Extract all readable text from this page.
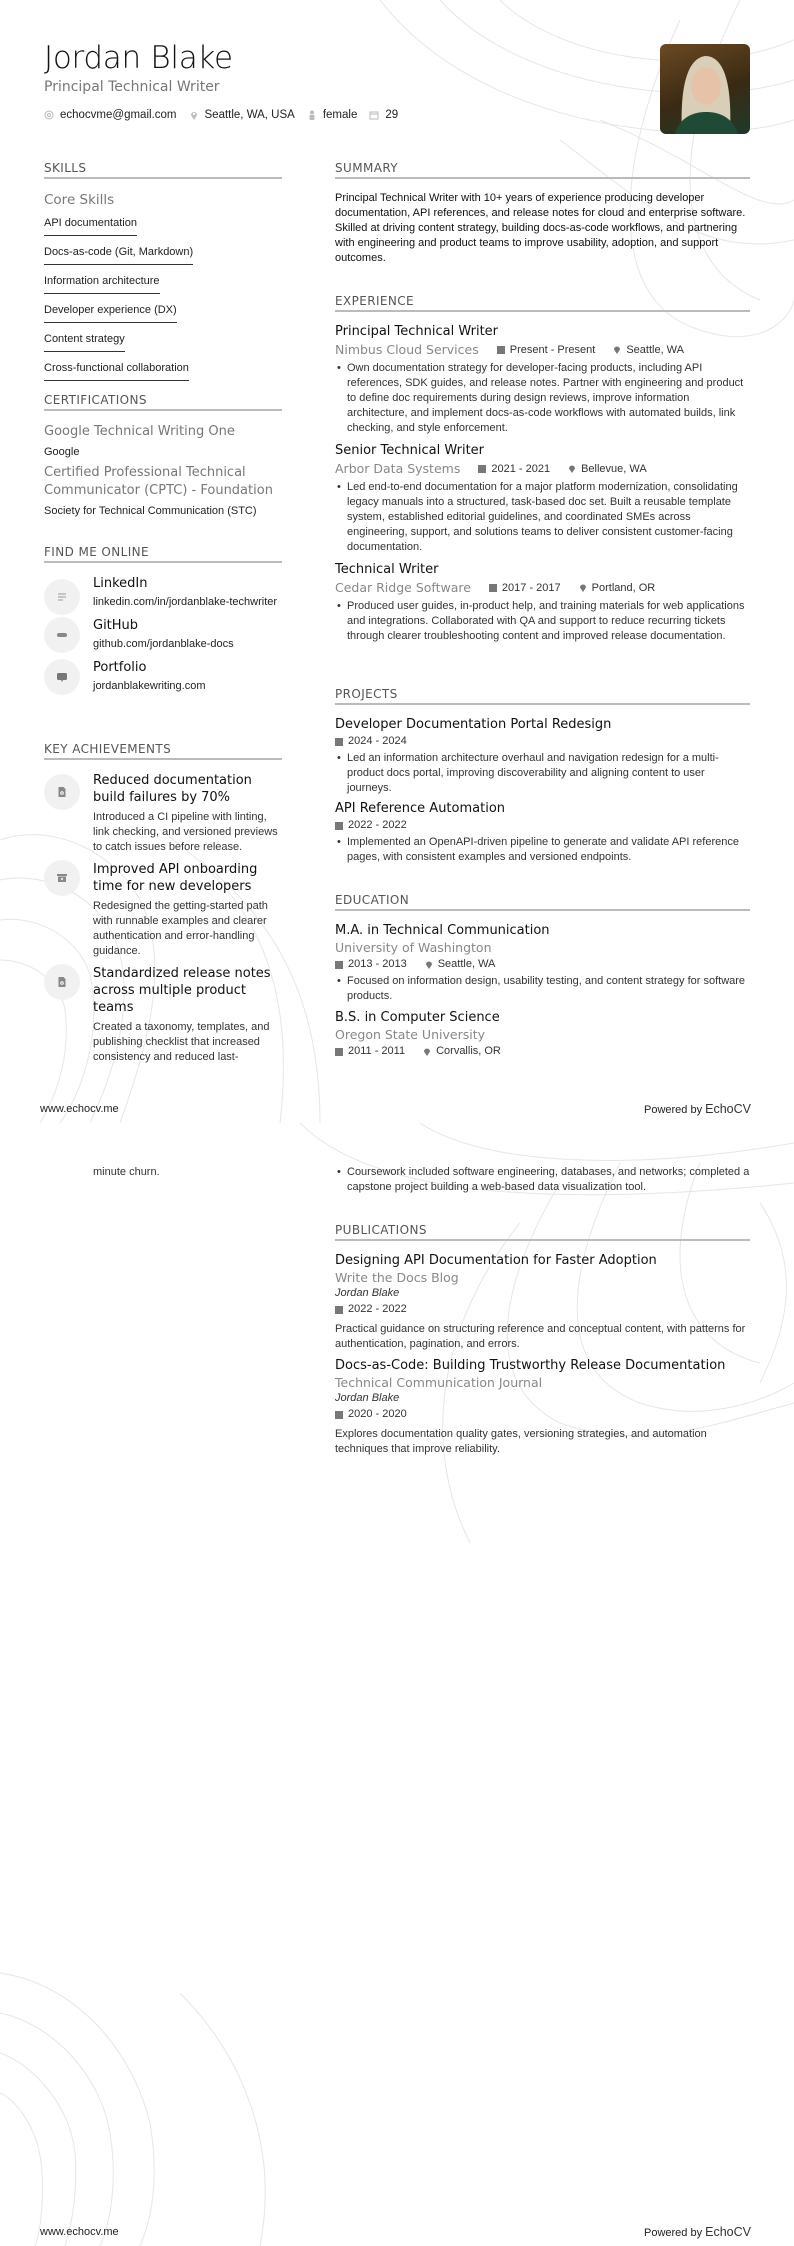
Jordan Blake
Principal Technical Writer
echocvme@gmail.com Seattle, WA, USA female 29
SKILLS
Core Skills
API documentation
Docs-as-code (Git, Markdown)
Information architecture
Developer experience (DX)
Content strategy
Cross-functional collaboration
CERTIFICATIONS
Google Technical Writing One
Google
Certified Professional Technical Communicator (CPTC) - Foundation
Society for Technical Communication (STC)
FIND ME ONLINE
LinkedIn
linkedin.com/in/jordanblake-techwriter
GitHub
github.com/jordanblake-docs
Portfolio
jordanblakewriting.com
KEY ACHIEVEMENTS
Reduced documentation build failures by 70%
Introduced a CI pipeline with linting, link checking, and versioned previews to catch issues before release.
Improved API onboarding time for new developers
Redesigned the getting-started path with runnable examples and clearer authentication and error-handling guidance.
Standardized release notes across multiple product teams
Created a taxonomy, templates, and publishing checklist that increased consistency and reduced last-
SUMMARY
Principal Technical Writer with 10+ years of experience producing developer documentation, API references, and release notes for cloud and enterprise software. Skilled at driving content strategy, building docs-as-code workflows, and partnering with engineering and product teams to improve usability, adoption, and support outcomes.
EXPERIENCE
Principal Technical Writer
Nimbus Cloud Services	Present - Present	Seattle, WA
• Own documentation strategy for developer-facing products, including API references, SDK guides, and release notes. Partner with engineering and product to define doc requirements during design reviews, improve information architecture, and implement docs-as-code workflows with automated builds, link checking, and style enforcement.
Senior Technical Writer
Arbor Data Systems	2021 - 2021	Bellevue, WA
• Led end-to-end documentation for a major platform modernization, consolidating legacy manuals into a structured, task-based doc set. Built a reusable template system, established editorial guidelines, and coordinated SMEs across engineering, support, and solutions teams to deliver consistent customer-facing documentation.
Technical Writer
Cedar Ridge Software	2017 - 2017	Portland, OR
• Produced user guides, in-product help, and training materials for web applications and integrations. Collaborated with QA and support to reduce recurring tickets through clearer troubleshooting content and improved release documentation.
PROJECTS
Developer Documentation Portal Redesign
2024 - 2024
• Led an information architecture overhaul and navigation redesign for a multi-product docs portal, improving discoverability and aligning content to user journeys.
API Reference Automation
2022 - 2022
• Implemented an OpenAPI-driven pipeline to generate and validate API reference pages, with consistent examples and versioned endpoints.
EDUCATION
M.A. in Technical Communication
University of Washington
2013 - 2013	Seattle, WA
• Focused on information design, usability testing, and content strategy for software products.
B.S. in Computer Science
Oregon State University
2011 - 2011	Corvallis, OR
www.echocv.me	Powered by EchoCV
minute churn.	• Coursework included software engineering, databases, and networks; completed a capstone project building a web-based data visualization tool.
PUBLICATIONS
Designing API Documentation for Faster Adoption
Write the Docs Blog
Jordan Blake
2022 - 2022
Practical guidance on structuring reference and conceptual content, with patterns for authentication, pagination, and errors.
Docs-as-Code: Building Trustworthy Release Documentation
Technical Communication Journal
Jordan Blake
2020 - 2020
Explores documentation quality gates, versioning strategies, and automation techniques that improve reliability.
www.echocv.me	Powered by EchoCV
